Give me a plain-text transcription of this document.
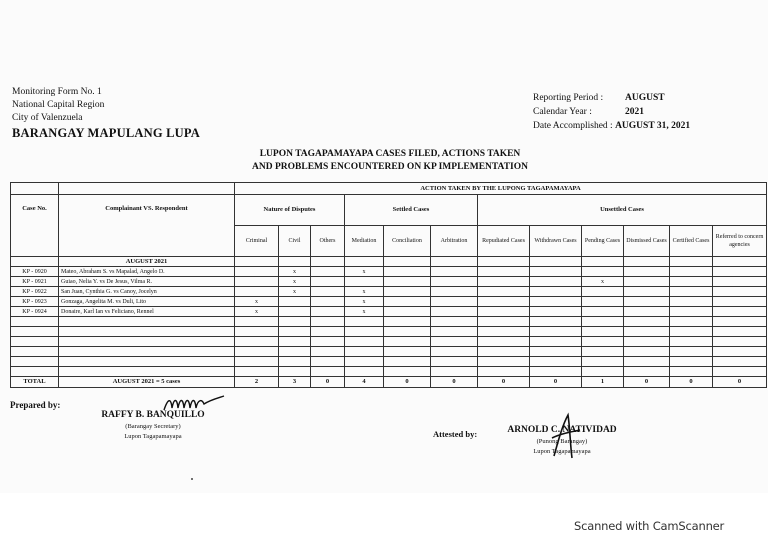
Monitoring Form No. 1
National Capital Region
City of Valenzuela
BARANGAY MAPULANG LUPA
Reporting Period : AUGUST
Calendar Year :	2021
Date Accomplished : AUGUST 31, 2021
LUPON TAGAPAMAYAPA CASES FILED, ACTIONS TAKEN
AND PROBLEMS ENCOUNTERED ON KP IMPLEMENTATION
		ACTION TAKEN BY THE LUPONG TAGAPAMAYAPA											
Case No.	Complainant VS. Respondent	Nature of Disputes			Settled Cases			Unsettled Cases					
		Criminal	Civil	Others	Mediation	Conciliation	Arbitration	Repudiated Cases	Withdrawn Cases	Pending Cases	Dismissed Cases	Certified Cases	Referred to concern agencies
	AUGUST 2021												
KP - 0920	Mateo, Abraham S. vs Mapalad, Angelo D.		x		x								
KP - 0921	Guiao, Nelia Y. vs De Jesus, Vilma R.		x							x			
KP - 0922	San Juan, Cynthia G. vs Canoy, Jocelyn		x		x								
KP - 0923	Gonzaga, Angelita M. vs Duli, Lito	x			x								
KP - 0924	Donaire, Karl Ian vs Feliciano, Rennel	x			x								

TOTAL	AUGUST 2021 = 5 cases	2	3	0	4	0	0	0	0	1	0	0	0
Prepared by:
RAFFY B. BANQUILLO
(Barangay Secretary)
Lupon Tagapamayapa	Attested by:	ARNOLD C. NATIVIDAD
(Punong Barangay)
Lupon Tagapamayapa
Scanned with CamScanner
